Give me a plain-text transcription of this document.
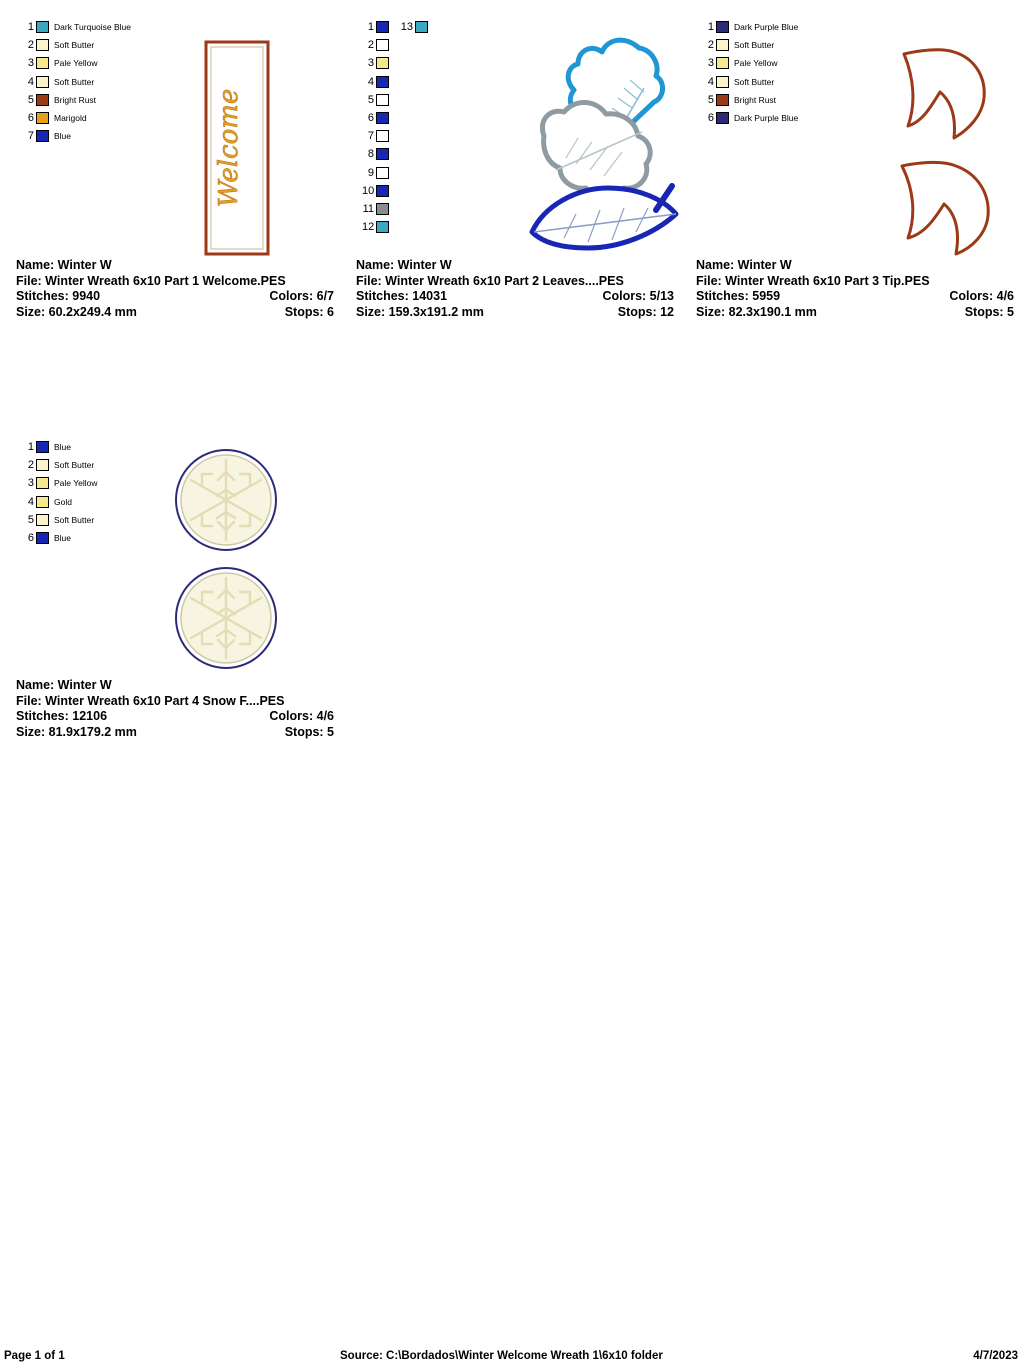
1 Dark Turquoise Blue
2 Soft Butter
3 Pale Yellow
4 Soft Butter
5 Bright Rust
6 Marigold
7 Blue	Welcome
Name: Winter W
File: Winter Wreath 6x10 Part 1 Welcome.PES
Stitches: 9940	Colors: 6/7
Size: 60.2x249.4 mm	Stops: 6
1 13
2
3
4
5
6
7
8
9
10
11
12
Name: Winter W
File: Winter Wreath 6x10 Part 2 Leaves....PES
Stitches: 14031	Colors: 5/13
Size: 159.3x191.2 mm	Stops: 12
1 Dark Purple Blue
2 Soft Butter
3 Pale Yellow
4 Soft Butter
5 Bright Rust
6 Dark Purple Blue
Name: Winter W
File: Winter Wreath 6x10 Part 3 Tip.PES
Stitches: 5959	Colors: 4/6
Size: 82.3x190.1 mm	Stops: 5
1 Blue
2 Soft Butter
3 Pale Yellow
4 Gold
5 Soft Butter
6 Blue
Name: Winter W
File: Winter Wreath 6x10 Part 4 Snow F....PES
Stitches: 12106	Colors: 4/6
Size: 81.9x179.2 mm	Stops: 5
Page 1 of 1	Source: C:\Bordados\Winter Welcome Wreath 1\6x10 folder	4/7/2023
